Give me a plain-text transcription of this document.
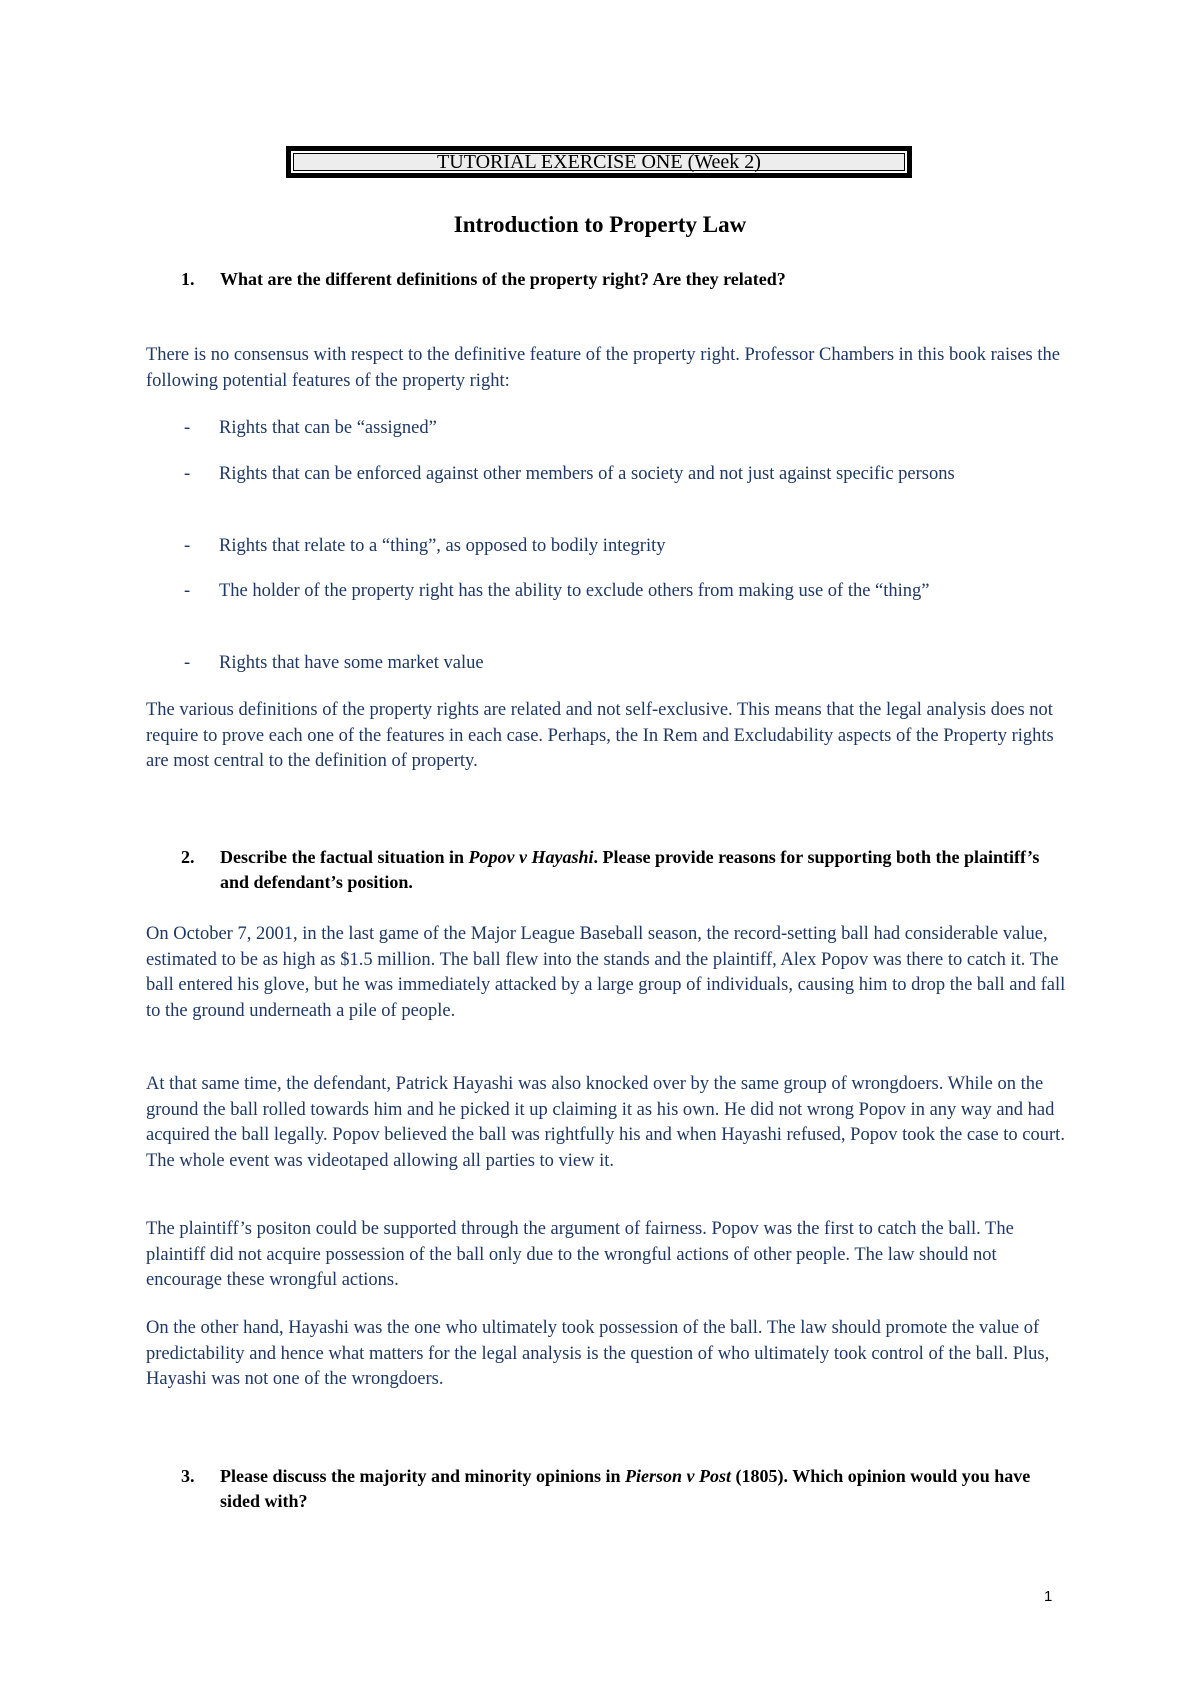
TUTORIAL EXERCISE ONE (Week 2)
Introduction to Property Law
1. What are the different definitions of the property right? Are they related?

There is no consensus with respect to the definitive feature of the property right. Professor Chambers in this book raises the following potential features of the property right:

- Rights that can be “assigned”
- Rights that can be enforced against other members of a society and not just against specific persons
- Rights that relate to a “thing”, as opposed to bodily integrity
- The holder of the property right has the ability to exclude others from making use of the “thing”
- Rights that have some market value

The various definitions of the property rights are related and not self-exclusive. This means that the legal analysis does not require to prove each one of the features in each case. Perhaps, the In Rem and Excludability aspects of the Property rights are most central to the definition of property.

2. Describe the factual situation in Popov v Hayashi. Please provide reasons for supporting both the plaintiff’s and defendant’s position.

On October 7, 2001, in the last game of the Major League Baseball season, the record-setting ball had considerable value, estimated to be as high as $1.5 million. The ball flew into the stands and the plaintiff, Alex Popov was there to catch it. The ball entered his glove, but he was immediately attacked by a large group of individuals, causing him to drop the ball and fall to the ground underneath a pile of people.

At that same time, the defendant, Patrick Hayashi was also knocked over by the same group of wrongdoers. While on the ground the ball rolled towards him and he picked it up claiming it as his own. He did not wrong Popov in any way and had acquired the ball legally. Popov believed the ball was rightfully his and when Hayashi refused, Popov took the case to court. The whole event was videotaped allowing all parties to view it.

The plaintiff’s positon could be supported through the argument of fairness. Popov was the first to catch the ball. The plaintiff did not acquire possession of the ball only due to the wrongful actions of other people. The law should not encourage these wrongful actions.

On the other hand, Hayashi was the one who ultimately took possession of the ball. The law should promote the value of predictability and hence what matters for the legal analysis is the question of who ultimately took control of the ball. Plus, Hayashi was not one of the wrongdoers.

3. Please discuss the majority and minority opinions in Pierson v Post (1805). Which opinion would you have sided with?
1
